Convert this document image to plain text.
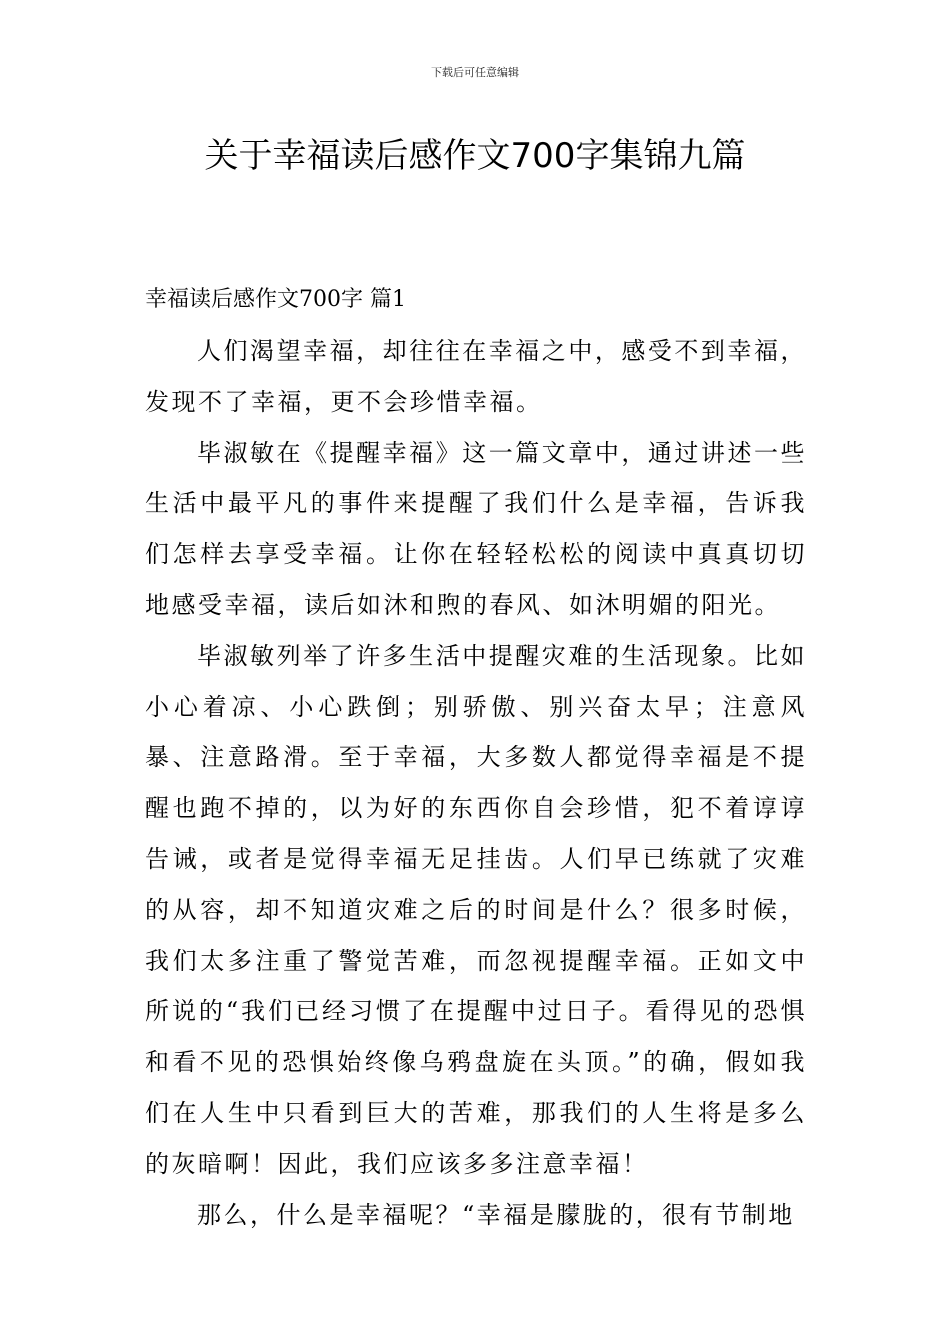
下载后可任意编辑
关于幸福读后感作文700字集锦九篇
幸福读后感作文700字 篇1

人们渴望幸福，却往往在幸福之中，感受不到幸福，发现不了幸福，更不会珍惜幸福。

毕淑敏在《提醒幸福》这一篇文章中，通过讲述一些生活中最平凡的事件来提醒了我们什么是幸福，告诉我们怎样去享受幸福。让你在轻轻松松的阅读中真真切切地感受幸福，读后如沐和煦的春风、如沐明媚的阳光。

毕淑敏列举了许多生活中提醒灾难的生活现象。比如小心着凉、小心跌倒；别骄傲、别兴奋太早；注意风暴、注意路滑。至于幸福，大多数人都觉得幸福是不提醒也跑不掉的，以为好的东西你自会珍惜，犯不着谆谆告诫，或者是觉得幸福无足挂齿。人们早已练就了灾难的从容，却不知道灾难之后的时间是什么？很多时候，我们太多注重了警觉苦难，而忽视提醒幸福。正如文中所说的“我们已经习惯了在提醒中过日子。看得见的恐惧和看不见的恐惧始终像乌鸦盘旋在头顶。”的确，假如我们在人生中只看到巨大的苦难，那我们的人生将是多么的灰暗啊！因此，我们应该多多注意幸福！

那么，什么是幸福呢？“幸福是朦胧的，很有节制地
